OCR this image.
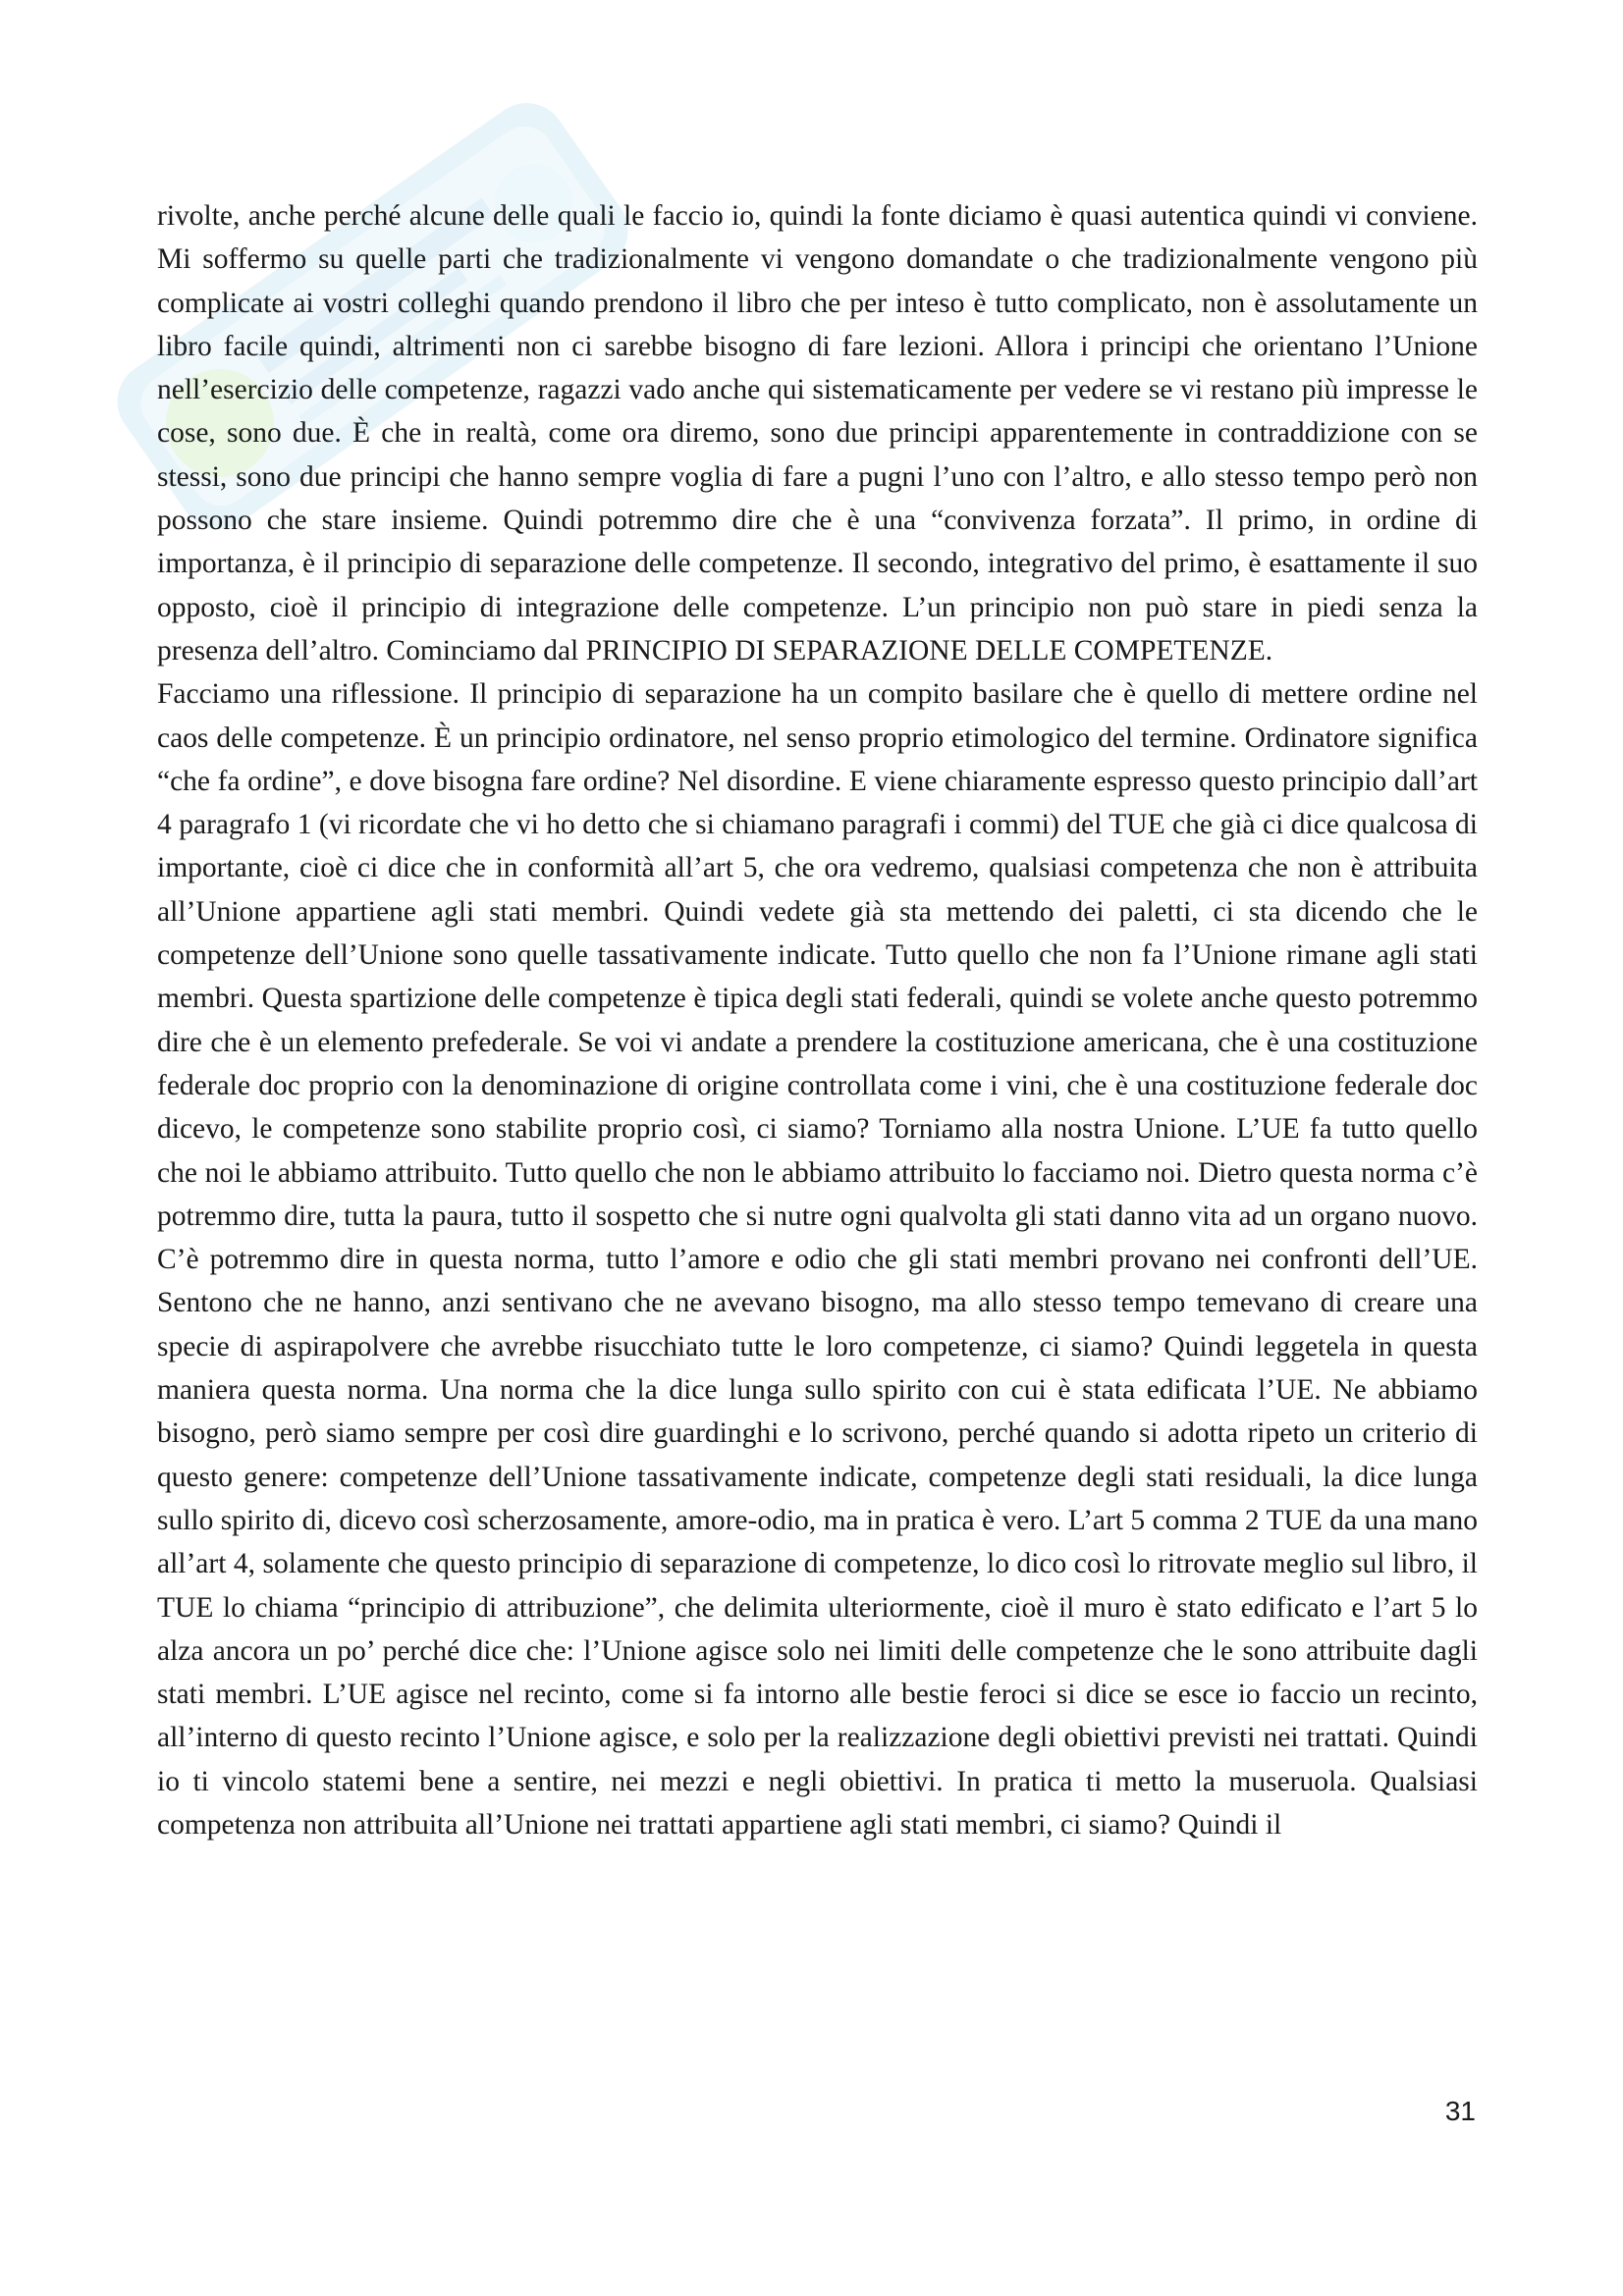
rivolte, anche perché alcune delle quali le faccio io, quindi la fonte diciamo è quasi autentica quindi vi conviene. Mi soffermo su quelle parti che tradizionalmente vi vengono domandate o che tradizionalmente vengono più complicate ai vostri colleghi quando prendono il libro che per inteso è tutto complicato, non è assolutamente un libro facile quindi, altrimenti non ci sarebbe bisogno di fare lezioni. Allora i principi che orientano l’Unione nell’esercizio delle competenze, ragazzi vado anche qui sistematicamente per vedere se vi restano più impresse le cose, sono due. È che in realtà, come ora diremo, sono due principi apparentemente in contraddizione con se stessi, sono due principi che hanno sempre voglia di fare a pugni l’uno con l’altro, e allo stesso tempo però non possono che stare insieme. Quindi potremmo dire che è una “convivenza forzata”. Il primo, in ordine di importanza, è il principio di separazione delle competenze. Il secondo, integrativo del primo, è esattamente il suo opposto, cioè il principio di integrazione delle competenze. L’un principio non può stare in piedi senza la presenza dell’altro. Cominciamo dal PRINCIPIO DI SEPARAZIONE DELLE COMPETENZE.

Facciamo una riflessione. Il principio di separazione ha un compito basilare che è quello di mettere ordine nel caos delle competenze. È un principio ordinatore, nel senso proprio etimologico del termine. Ordinatore significa “che fa ordine”, e dove bisogna fare ordine? Nel disordine. E viene chiaramente espresso questo principio dall’art 4 paragrafo 1 (vi ricordate che vi ho detto che si chiamano paragrafi i commi) del TUE che già ci dice qualcosa di importante, cioè ci dice che in conformità all’art 5, che ora vedremo, qualsiasi competenza che non è attribuita all’Unione appartiene agli stati membri. Quindi vedete già sta mettendo dei paletti, ci sta dicendo che le competenze dell’Unione sono quelle tassativamente indicate. Tutto quello che non fa l’Unione rimane agli stati membri. Questa spartizione delle competenze è tipica degli stati federali, quindi se volete anche questo potremmo dire che è un elemento prefederale. Se voi vi andate a prendere la costituzione americana, che è una costituzione federale doc proprio con la denominazione di origine controllata come i vini, che è una costituzione federale doc dicevo, le competenze sono stabilite proprio così, ci siamo? Torniamo alla nostra Unione. L’UE fa tutto quello che noi le abbiamo attribuito. Tutto quello che non le abbiamo attribuito lo facciamo noi. Dietro questa norma c’è potremmo dire, tutta la paura, tutto il sospetto che si nutre ogni qualvolta gli stati danno vita ad un organo nuovo. C’è potremmo dire in questa norma, tutto l’amore e odio che gli stati membri provano nei confronti dell’UE. Sentono che ne hanno, anzi sentivano che ne avevano bisogno, ma allo stesso tempo temevano di creare una specie di aspirapolvere che avrebbe risucchiato tutte le loro competenze, ci siamo? Quindi leggetela in questa maniera questa norma. Una norma che la dice lunga sullo spirito con cui è stata edificata l’UE. Ne abbiamo bisogno, però siamo sempre per così dire guardinghi e lo scrivono, perché quando si adotta ripeto un criterio di questo genere: competenze dell’Unione tassativamente indicate, competenze degli stati residuali, la dice lunga sullo spirito di, dicevo così scherzosamente, amore-odio, ma in pratica è vero. L’art 5 comma 2 TUE da una mano all’art 4, solamente che questo principio di separazione di competenze, lo dico così lo ritrovate meglio sul libro, il TUE lo chiama “principio di attribuzione”, che delimita ulteriormente, cioè il muro è stato edificato e l’art 5 lo alza ancora un po’ perché dice che: l’Unione agisce solo nei limiti delle competenze che le sono attribuite dagli stati membri. L’UE agisce nel recinto, come si fa intorno alle bestie feroci si dice se esce io faccio un recinto, all’interno di questo recinto l’Unione agisce, e solo per la realizzazione degli obiettivi previsti nei trattati. Quindi io ti vincolo statemi bene a sentire, nei mezzi e negli obiettivi. In pratica ti metto la museruola. Qualsiasi competenza non attribuita all’Unione nei trattati appartiene agli stati membri, ci siamo? Quindi il

31
